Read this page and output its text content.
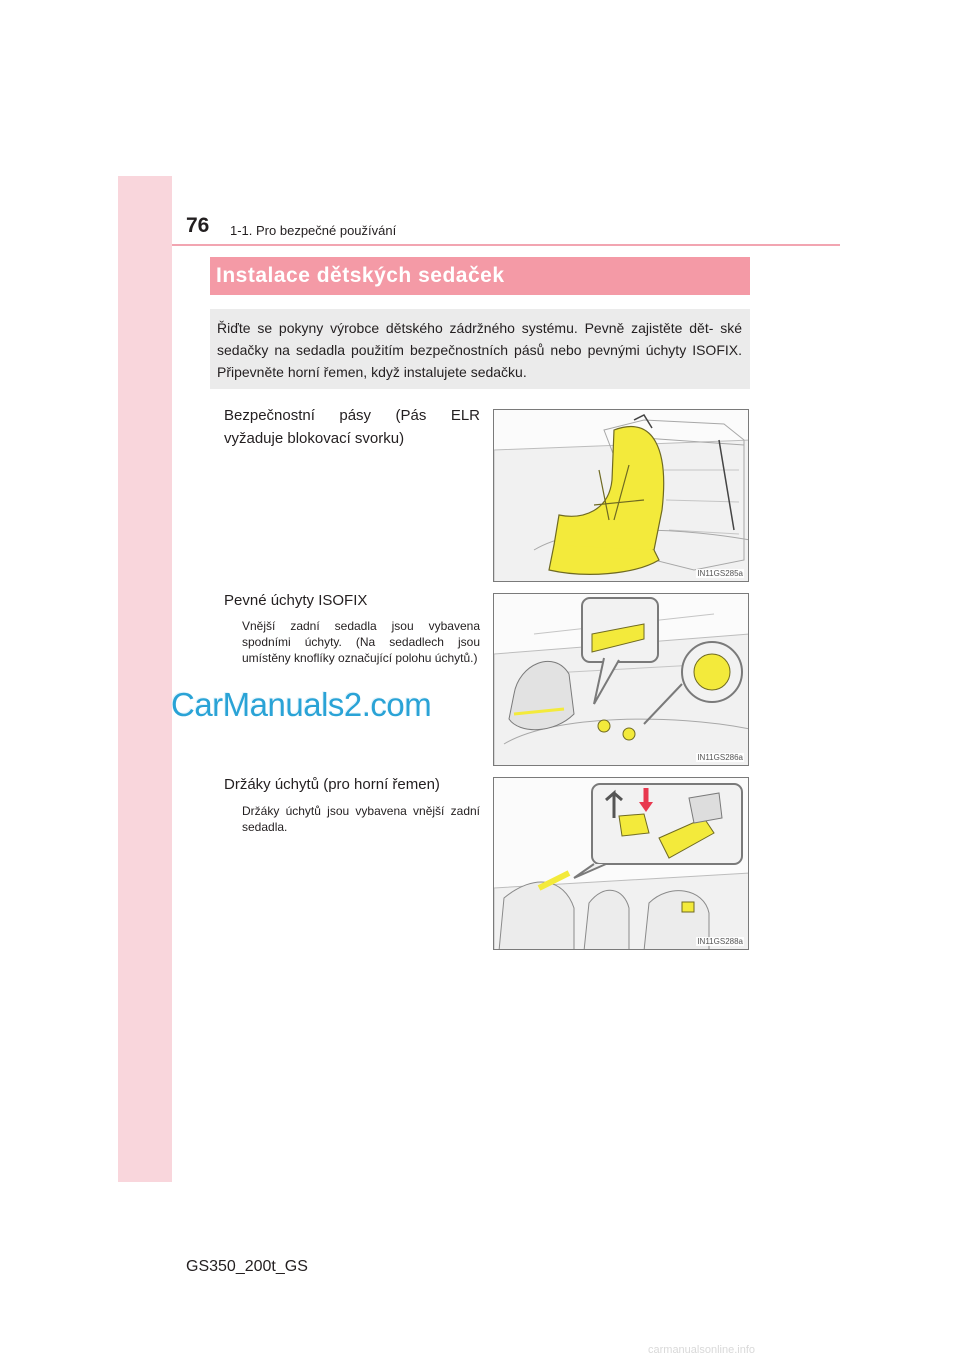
76 1-1. Pro bezpečné používání
Instalace dětských sedaček
Řiďte se pokyny výrobce dětského zádržného systému. Pevně zajistěte dět- ské sedačky na sedadla použitím bezpečnostních pásů nebo pevnými úchyty ISOFIX. Připevněte horní řemen, když instalujete sedačku.
Bezpečnostní pásy (Pás ELR vyžaduje blokovací svorku)
IN11GS285a
Pevné úchyty ISOFIX
Vnější zadní sedadla jsou vybavena spodními úchyty. (Na sedadlech jsou umístěny knoflíky označující polohu úchytů.)
IN11GS286a
Držáky úchytů (pro horní řemen)
Držáky úchytů jsou vybavena vnější zadní sedadla.
IN11GS288a
CarManuals2.com
GS350_200t_GS
carmanualsonline.info
